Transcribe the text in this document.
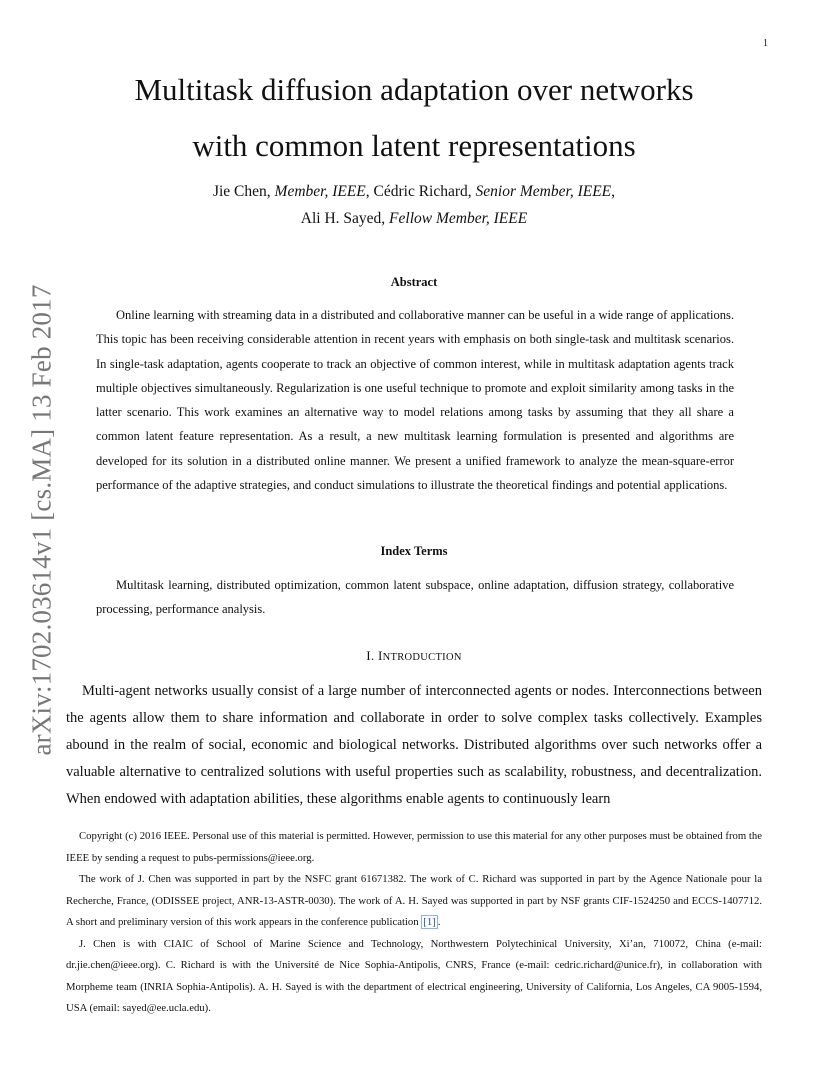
1
arXiv:1702.03614v1 [cs.MA] 13 Feb 2017
Multitask diffusion adaptation over networks
with common latent representations
Jie Chen, Member, IEEE, Cédric Richard, Senior Member, IEEE,
Ali H. Sayed, Fellow Member, IEEE
Abstract

Online learning with streaming data in a distributed and collaborative manner can be useful in a wide range of applications. This topic has been receiving considerable attention in recent years with emphasis on both single-task and multitask scenarios. In single-task adaptation, agents cooperate to track an objective of common interest, while in multitask adaptation agents track multiple objectives simultaneously. Regularization is one useful technique to promote and exploit similarity among tasks in the latter scenario. This work examines an alternative way to model relations among tasks by assuming that they all share a common latent feature representation. As a result, a new multitask learning formulation is presented and algorithms are developed for its solution in a distributed online manner. We present a unified framework to analyze the mean-square-error performance of the adaptive strategies, and conduct simulations to illustrate the theoretical findings and potential applications.

Index Terms

Multitask learning, distributed optimization, common latent subspace, online adaptation, diffusion strategy, collaborative processing, performance analysis.

I. INTRODUCTION

Multi-agent networks usually consist of a large number of interconnected agents or nodes. Interconnections between the agents allow them to share information and collaborate in order to solve complex tasks collectively. Examples abound in the realm of social, economic and biological networks. Distributed algorithms over such networks offer a valuable alternative to centralized solutions with useful properties such as scalability, robustness, and decentralization. When endowed with adaptation abilities, these algorithms enable agents to continuously learn

Copyright (c) 2016 IEEE. Personal use of this material is permitted. However, permission to use this material for any other purposes must be obtained from the IEEE by sending a request to pubs-permissions@ieee.org.

The work of J. Chen was supported in part by the NSFC grant 61671382. The work of C. Richard was supported in part by the Agence Nationale pour la Recherche, France, (ODISSEE project, ANR-13-ASTR-0030). The work of A. H. Sayed was supported in part by NSF grants CIF-1524250 and ECCS-1407712. A short and preliminary version of this work appears in the conference publication [1] .

J. Chen is with CIAIC of School of Marine Science and Technology, Northwestern Polytechinical University, Xi’an, 710072, China (e-mail: dr.jie.chen@ieee.org). C. Richard is with the Université de Nice Sophia-Antipolis, CNRS, France (e-mail: cedric.richard@unice.fr), in collaboration with Morpheme team (INRIA Sophia-Antipolis). A. H. Sayed is with the department of electrical engineering, University of California, Los Angeles, CA 9005-1594, USA (email: sayed@ee.ucla.edu).
